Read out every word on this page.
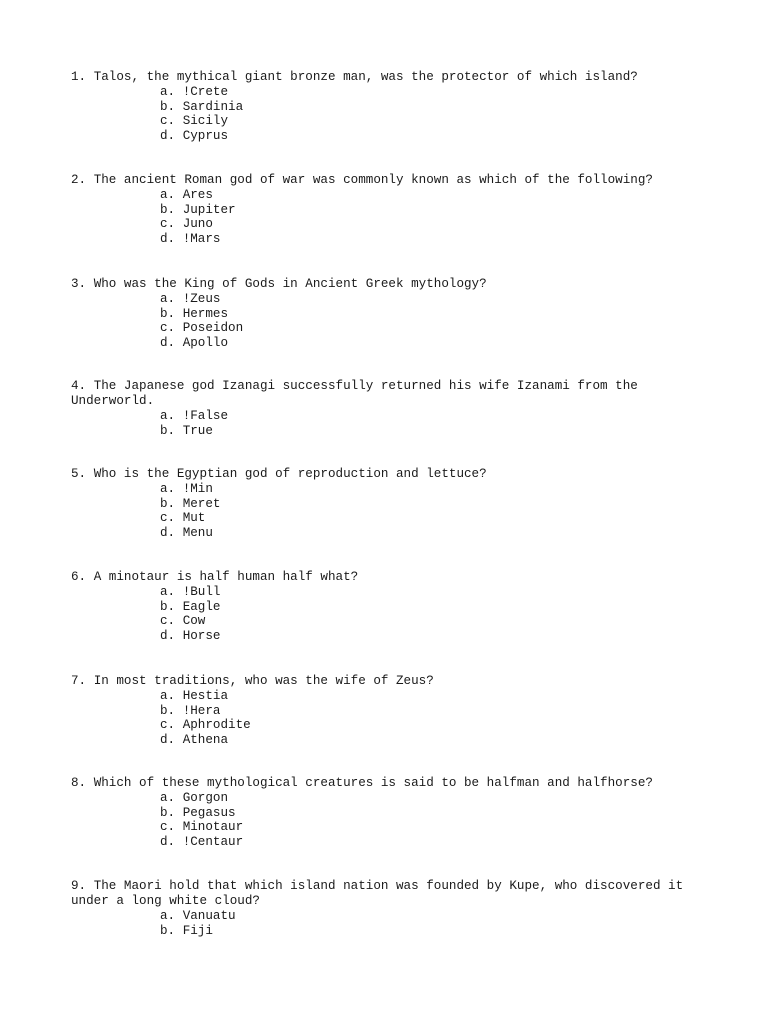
1. Talos, the mythical giant bronze man, was the protector of which island?
a. !Crete
b. Sardinia
c. Sicily
d. Cyprus
2. The ancient Roman god of war was commonly known as which of the following?
a. Ares
b. Jupiter
c. Juno
d. !Mars
3. Who was the King of Gods in Ancient Greek mythology?
a. !Zeus
b. Hermes
c. Poseidon
d. Apollo
4. The Japanese god Izanagi successfully returned his wife Izanami from the Underworld.
a. !False
b. True
5. Who is the Egyptian god of reproduction and lettuce?
a. !Min
b. Meret
c. Mut
d. Menu
6. A minotaur is half human half what?
a. !Bull
b. Eagle
c. Cow
d. Horse
7. In most traditions, who was the wife of Zeus?
a. Hestia
b. !Hera
c. Aphrodite
d. Athena
8. Which of these mythological creatures is said to be halfman and halfhorse?
a. Gorgon
b. Pegasus
c. Minotaur
d. !Centaur
9. The Maori hold that which island nation was founded by Kupe, who discovered it under a long white cloud?
a. Vanuatu
b. Fiji
